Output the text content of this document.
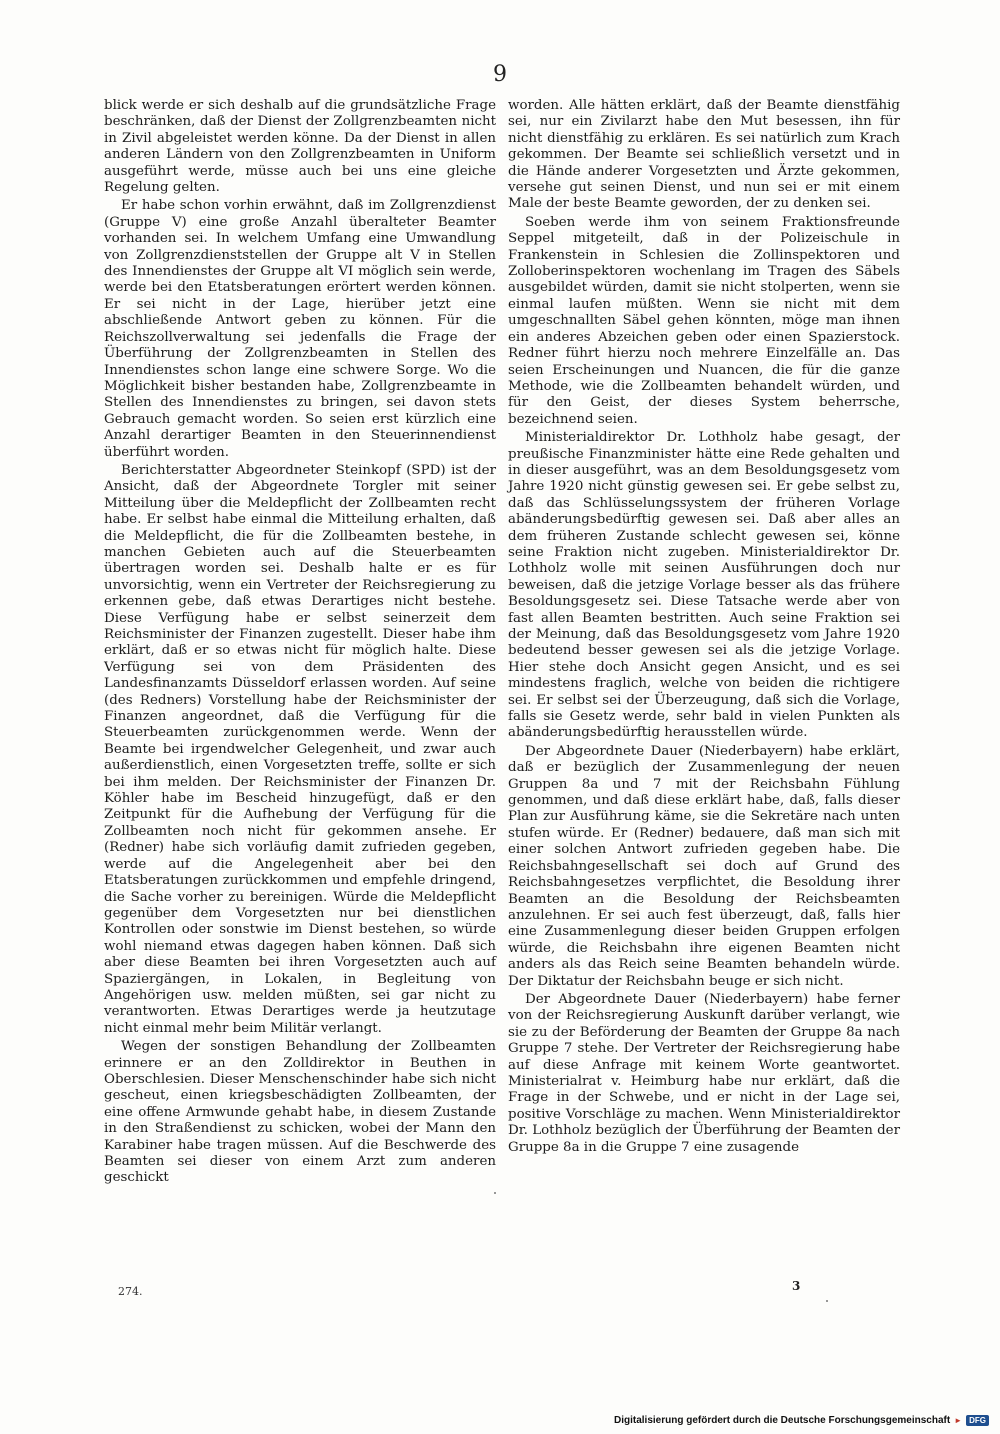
9

blick werde er sich deshalb auf die grundsätzliche Frage beschränken, daß der Dienst der Zollgrenzbeamten nicht in Zivil abgeleistet werden könne. Da der Dienst in allen anderen Ländern von den Zollgrenzbeamten in Uniform ausgeführt werde, müsse auch bei uns eine gleiche Regelung gelten.

Er habe schon vorhin erwähnt, daß im Zollgrenzdienst (Gruppe V) eine große Anzahl überalteter Beamter vorhanden sei. In welchem Umfang eine Umwandlung von Zollgrenzdienststellen der Gruppe alt V in Stellen des Innendienstes der Gruppe alt VI möglich sein werde, werde bei den Etatsberatungen erörtert werden können. Er sei nicht in der Lage, hierüber jetzt eine abschließende Antwort geben zu können. Für die Reichszollverwaltung sei jedenfalls die Frage der Überführung der Zollgrenzbeamten in Stellen des Innendienstes schon lange eine schwere Sorge. Wo die Möglichkeit bisher bestanden habe, Zollgrenzbeamte in Stellen des Innendienstes zu bringen, sei davon stets Gebrauch gemacht worden. So seien erst kürzlich eine Anzahl derartiger Beamten in den Steuerinnendienst überführt worden.

Berichterstatter Abgeordneter Steinkopf (SPD) ist der Ansicht, daß der Abgeordnete Torgler mit seiner Mitteilung über die Meldepflicht der Zollbeamten recht habe. Er selbst habe einmal die Mitteilung erhalten, daß die Meldepflicht, die für die Zollbeamten bestehe, in manchen Gebieten auch auf die Steuerbeamten übertragen worden sei. Deshalb halte er es für unvorsichtig, wenn ein Vertreter der Reichsregierung zu erkennen gebe, daß etwas Derartiges nicht bestehe. Diese Verfügung habe er selbst seinerzeit dem Reichsminister der Finanzen zugestellt. Dieser habe ihm erklärt, daß er so etwas nicht für möglich halte. Diese Verfügung sei von dem Präsidenten des Landesfinanzamts Düsseldorf erlassen worden. Auf seine (des Redners) Vorstellung habe der Reichsminister der Finanzen angeordnet, daß die Verfügung für die Steuerbeamten zurückgenommen werde. Wenn der Beamte bei irgendwelcher Gelegenheit, und zwar auch außerdienstlich, einen Vorgesetzten treffe, sollte er sich bei ihm melden. Der Reichsminister der Finanzen Dr. Köhler habe im Bescheid hinzugefügt, daß er den Zeitpunkt für die Aufhebung der Verfügung für die Zollbeamten noch nicht für gekommen ansehe. Er (Redner) habe sich vorläufig damit zufrieden gegeben, werde auf die Angelegenheit aber bei den Etatsberatungen zurückkommen und empfehle dringend, die Sache vorher zu bereinigen. Würde die Meldepflicht gegenüber dem Vorgesetzten nur bei dienstlichen Kontrollen oder sonstwie im Dienst bestehen, so würde wohl niemand etwas dagegen haben können. Daß sich aber diese Beamten bei ihren Vorgesetzten auch auf Spaziergängen, in Lokalen, in Begleitung von Angehörigen usw. melden müßten, sei gar nicht zu verantworten. Etwas Derartiges werde ja heutzutage nicht einmal mehr beim Militär verlangt.

Wegen der sonstigen Behandlung der Zollbeamten erinnere er an den Zolldirektor in Beuthen in Oberschlesien. Dieser Menschenschinder habe sich nicht gescheut, einen kriegsbeschädigten Zollbeamten, der eine offene Armwunde gehabt habe, in diesem Zustande in den Straßendienst zu schicken, wobei der Mann den Karabiner habe tragen müssen. Auf die Beschwerde des Beamten sei dieser von einem Arzt zum anderen geschickt

worden. Alle hätten erklärt, daß der Beamte dienstfähig sei, nur ein Zivilarzt habe den Mut besessen, ihn für nicht dienstfähig zu erklären. Es sei natürlich zum Krach gekommen. Der Beamte sei schließlich versetzt und in die Hände anderer Vorgesetzten und Ärzte gekommen, versehe gut seinen Dienst, und nun sei er mit einem Male der beste Beamte geworden, der zu denken sei.

Soeben werde ihm von seinem Fraktionsfreunde Seppel mitgeteilt, daß in der Polizeischule in Frankenstein in Schlesien die Zollinspektoren und Zolloberinspektoren wochenlang im Tragen des Säbels ausgebildet würden, damit sie nicht stolperten, wenn sie einmal laufen müßten. Wenn sie nicht mit dem umgeschnallten Säbel gehen könnten, möge man ihnen ein anderes Abzeichen geben oder einen Spazierstock. Redner führt hierzu noch mehrere Einzelfälle an. Das seien Erscheinungen und Nuancen, die für die ganze Methode, wie die Zollbeamten behandelt würden, und für den Geist, der dieses System beherrsche, bezeichnend seien.

Ministerialdirektor Dr. Lothholz habe gesagt, der preußische Finanzminister hätte eine Rede gehalten und in dieser ausgeführt, was an dem Besoldungsgesetz vom Jahre 1920 nicht günstig gewesen sei. Er gebe selbst zu, daß das Schlüsselungssystem der früheren Vorlage abänderungsbedürftig gewesen sei. Daß aber alles an dem früheren Zustande schlecht gewesen sei, könne seine Fraktion nicht zugeben. Ministerialdirektor Dr. Lothholz wolle mit seinen Ausführungen doch nur beweisen, daß die jetzige Vorlage besser als das frühere Besoldungsgesetz sei. Diese Tatsache werde aber von fast allen Beamten bestritten. Auch seine Fraktion sei der Meinung, daß das Besoldungsgesetz vom Jahre 1920 bedeutend besser gewesen sei als die jetzige Vorlage. Hier stehe doch Ansicht gegen Ansicht, und es sei mindestens fraglich, welche von beiden die richtigere sei. Er selbst sei der Überzeugung, daß sich die Vorlage, falls sie Gesetz werde, sehr bald in vielen Punkten als abänderungsbedürftig herausstellen würde.

Der Abgeordnete Dauer (Niederbayern) habe erklärt, daß er bezüglich der Zusammenlegung der neuen Gruppen 8a und 7 mit der Reichsbahn Fühlung genommen, und daß diese erklärt habe, daß, falls dieser Plan zur Ausführung käme, sie die Sekretäre nach unten stufen würde. Er (Redner) bedauere, daß man sich mit einer solchen Antwort zufrieden gegeben habe. Die Reichsbahngesellschaft sei doch auf Grund des Reichsbahngesetzes verpflichtet, die Besoldung ihrer Beamten an die Besoldung der Reichsbeamten anzulehnen. Er sei auch fest überzeugt, daß, falls hier eine Zusammenlegung dieser beiden Gruppen erfolgen würde, die Reichsbahn ihre eigenen Beamten nicht anders als das Reich seine Beamten behandeln würde. Der Diktatur der Reichsbahn beuge er sich nicht.

Der Abgeordnete Dauer (Niederbayern) habe ferner von der Reichsregierung Auskunft darüber verlangt, wie sie zu der Beförderung der Beamten der Gruppe 8a nach Gruppe 7 stehe. Der Vertreter der Reichsregierung habe auf diese Anfrage mit keinem Worte geantwortet. Ministerialrat v. Heimburg habe nur erklärt, daß die Frage in der Schwebe, und er nicht in der Lage sei, positive Vorschläge zu machen. Wenn Ministerialdirektor Dr. Lothholz bezüglich der Überführung der Beamten der Gruppe 8a in die Gruppe 7 eine zusagende

274.	3
Digitalisierung gefördert durch die Deutsche Forschungsgemeinschaft ► DFG
